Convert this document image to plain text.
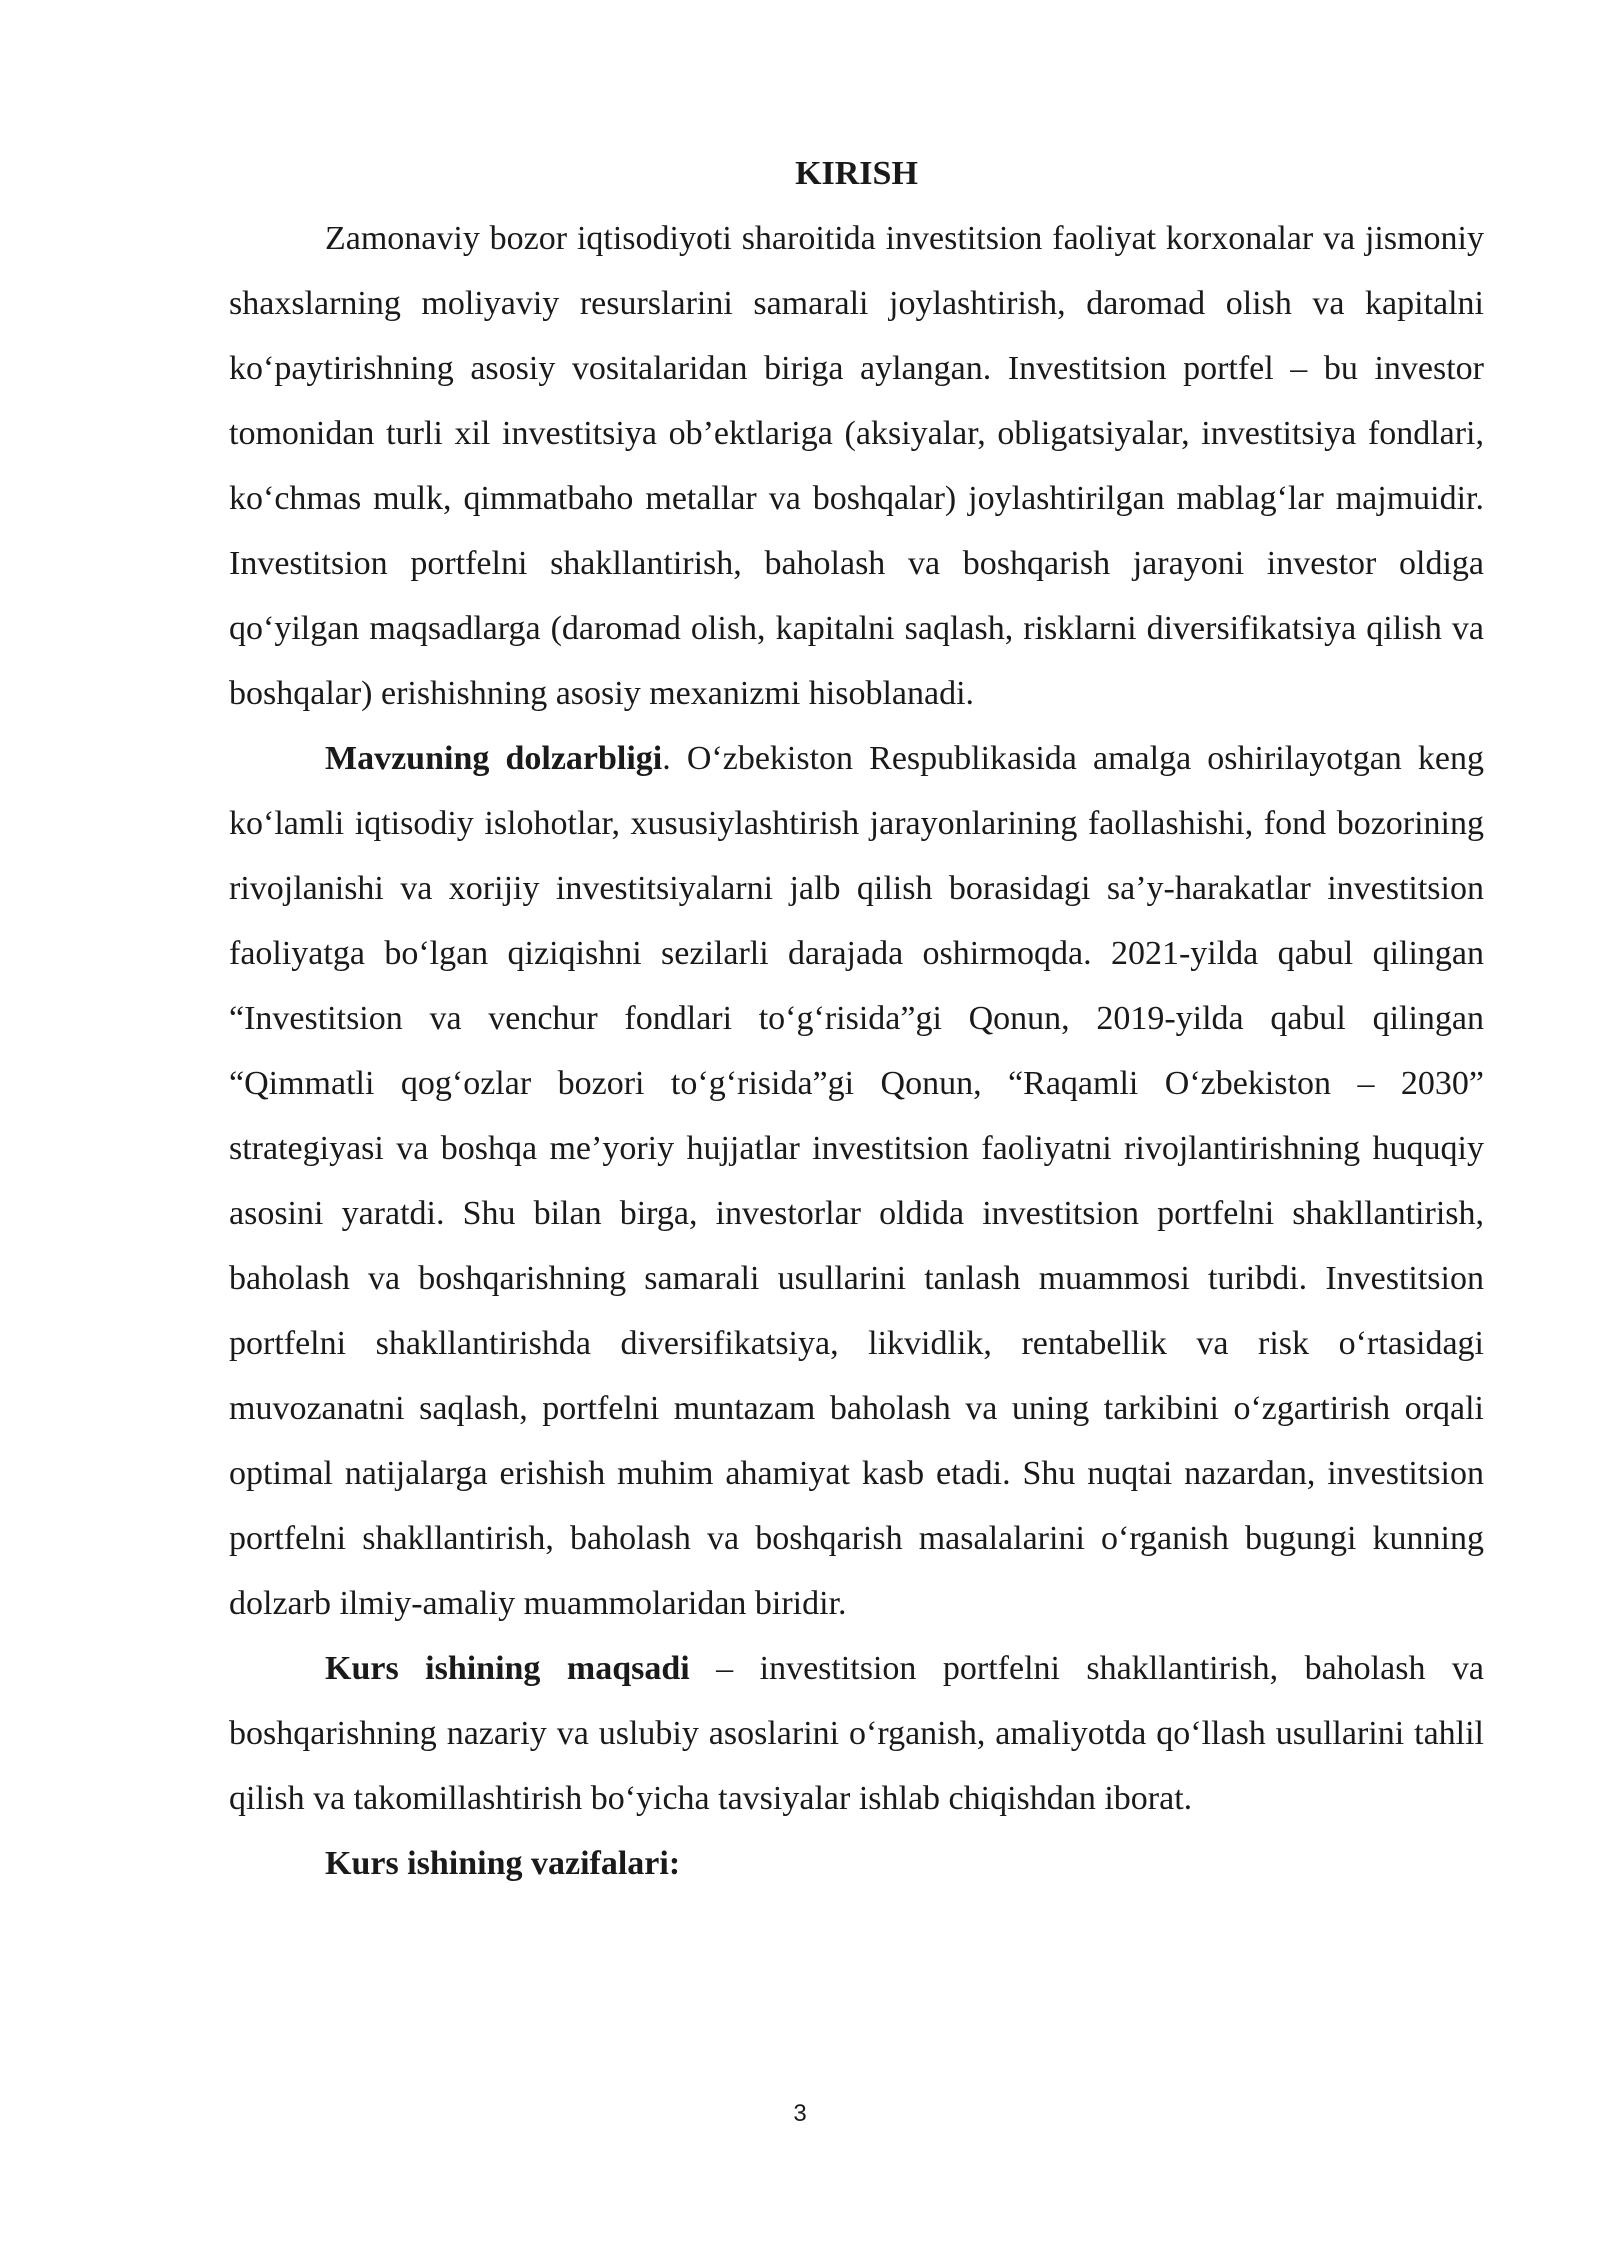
KIRISH

Zamonaviy bozor iqtisodiyoti sharoitida investitsion faoliyat korxonalar va jismoniy shaxslarning moliyaviy resurslarini samarali joylashtirish, daromad olish va kapitalni ko‘paytirishning asosiy vositalaridan biriga aylangan. Investitsion portfel – bu investor tomonidan turli xil investitsiya ob’ektlariga (aksiyalar, obligatsiyalar, investitsiya fondlari, ko‘chmas mulk, qimmatbaho metallar va boshqalar) joylashtirilgan mablag‘lar majmuidir. Investitsion portfelni shakllantirish, baholash va boshqarish jarayoni investor oldiga qo‘yilgan maqsadlarga (daromad olish, kapitalni saqlash, risklarni diversifikatsiya qilish va boshqalar) erishishning asosiy mexanizmi hisoblanadi.

Mavzuning dolzarbligi. O‘zbekiston Respublikasida amalga oshirilayotgan keng ko‘lamli iqtisodiy islohotlar, xususiylashtirish jarayonlarining faollashishi, fond bozorining rivojlanishi va xorijiy investitsiyalarni jalb qilish borasidagi sa’y-harakatlar investitsion faoliyatga bo‘lgan qiziqishni sezilarli darajada oshirmoqda. 2021-yilda qabul qilingan “Investitsion va venchur fondlari to‘g‘risida”gi Qonun, 2019-yilda qabul qilingan “Qimmatli qog‘ozlar bozori to‘g‘risida”gi Qonun, “Raqamli O‘zbekiston – 2030” strategiyasi va boshqa me’yoriy hujjatlar investitsion faoliyatni rivojlantirishning huquqiy asosini yaratdi. Shu bilan birga, investorlar oldida investitsion portfelni shakllantirish, baholash va boshqarishning samarali usullarini tanlash muammosi turibdi. Investitsion portfelni shakllantirishda diversifikatsiya, likvidlik, rentabellik va risk o‘rtasidagi muvozanatni saqlash, portfelni muntazam baholash va uning tarkibini o‘zgartirish orqali optimal natijalarga erishish muhim ahamiyat kasb etadi. Shu nuqtai nazardan, investitsion portfelni shakllantirish, baholash va boshqarish masalalarini o‘rganish bugungi kunning dolzarb ilmiy-amaliy muammolaridan biridir.

Kurs ishining maqsadi – investitsion portfelni shakllantirish, baholash va boshqarishning nazariy va uslubiy asoslarini o‘rganish, amaliyotda qo‘llash usullarini tahlil qilish va takomillashtirish bo‘yicha tavsiyalar ishlab chiqishdan iborat.

Kurs ishining vazifalari:

3
